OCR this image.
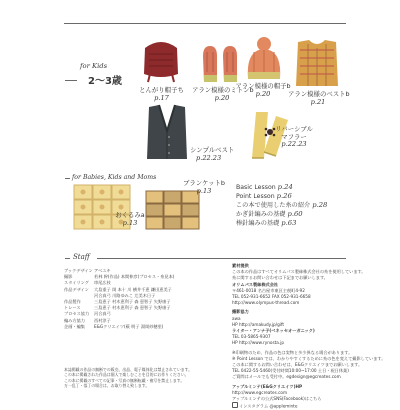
for Kids
2〜3歳
とんがり帽子ち
p.17
アラン模様のミトンb
p.20
アラン模様の帽子b
p.20	アラン模様のベストb
p.21
シンプルベスト
p.22.23
リバーシブル
マフラー
p.22.23
for Babies, Kids and Moms
おくるみa
p.13
ブランケットb
p.13	Basic Lesson p.24
Point Lesson p.26
この本で使用した糸の紹介 p.28
かぎ針編みの基礎 p.60
棒針編みの基礎 p.63
Staff
ブックデザインアベユキ
撮影	若林 幹(作品) 本間伸彦(プロセス・糸見本)
スタイリング 串尾広枝
作品デザイン 大島重子 岡 本十 川 横井千恵 鎌田恵美子
河合真弓 川路ゆみこ 辻美木日子
作品製作	三島恵子 村木恵利子 森 恵智子 矢野康子
トレース	三島恵子 村木恵利子 森 恵智子 矢野康子
プロセス協力 河合真弓
編み方協力 西村淳子
企画・編集 E&Gクリエイツ(薮 明子 湯岡紗穂里)
素材提供
この本の作品はすべてオリムパス製絲株式会社の糸を使用しています。
糸に関するお問い合わせは下記までお願いします。
オリムパス製絲株式会社
〒461-0018 名古屋市東区主税町4-92
TEL 052-931-6652 FAX 052-931-6658
http://www.olympus-thread.com
撮影協力
awa
HP http://amakudy.jp/gift
ライター・アンナ子(ベネッセオーガニック)
TEL 03-5865-9307
HP http://www.rynosta.jp
※印刷物のため、作品の色は実物と多少異なる場合があります。
※ Point Lesson では、わかりやすくするために糸の色を変えて撮影しています。
この本に関するお問い合わせは、E&Gクリエイツまでお願いします。
TEL 0422-55-5460(受付時間10:00~17:00 土日・祝日休業)
ご質問はメールでも受付中。egdesign@egcreates.com
アップルミンテ(E&Gクリエイツ)HP
http://www.egcreates.com
アップルミンテの公式SNS(Facebook)はこちら
インスタグラム @appleminte
本誌掲載の作品の無断での販売、出品、電子媒体化は禁止されています。
この本に掲載された作品は個人で楽しむことを目的にお作りください。
この本に掲載のすべての記事・写真の無断転載・複写を禁止します。
万一乱丁・落丁の場合は、お取り替え致します。
